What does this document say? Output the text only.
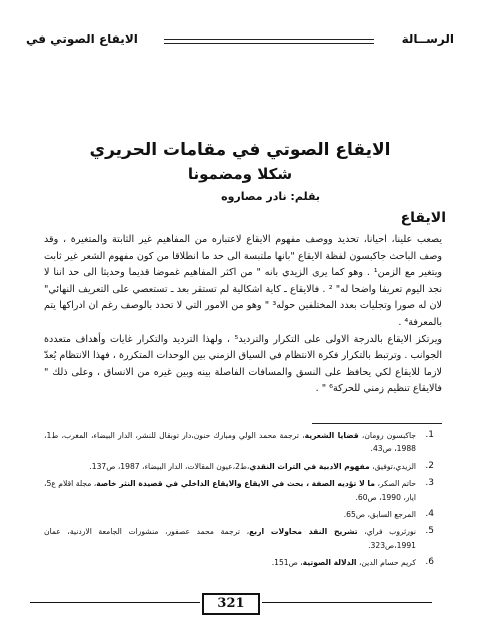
الرســالة
الايقاع الصوتي في
الايقاع الصوتي في مقامات الحريري
شكلا ومضمونا
بقلم: نادر مصاروه
الايقاع

يصعب علينا، احيانا، تحديد ووصف مفهوم الايقاع لاعتباره من المفاهيم غير الثابتة والمتغيرة ، وقد وصف الباحث جاكبسون لفظة الايقاع "بانها ملتبسة الى حد ما انطلاقا من كون مفهوم الشعر غير ثابت ويتغير مع الزمن¹ . وهو كما يرى الزيدي بانه " من اكثر المفاهيم غموضا قديما وحديثا الى حد اننا لا نجد اليوم تعريفا واضحا له" ² . فالايقاع ـ كاية اشكالية لم تستقر بعد ـ تستعصي على التعريف النهائي" لان له صورا وتجليات بعدد المختلفين حوله³ " وهو من الامور التي لا تحدد بالوصف رغم ان ادراكها يتم بالمعرفة⁴ .

ويرتكز الايقاع بالدرجة الاولى على التكرار والترديد⁵ ، ولهذا الترديد والتكرار غايات وأهداف متعددة الجوانب . وترتبط بالتكرار فكرة الانتظام في السياق الزمني بين الوحدات المتكررة ، فهذا الانتظام يُعدّ لازما للايقاع لكي يحافظ على النسق والمسافات الفاصلة بينه وبين غيره من الانساق ، وعلى ذلك " فالايقاع تنظيم زمني للحركة⁶ " .

1.
جاكبسون رومان، قضايا الشعرية، ترجمة محمد الولي ومبارك حنون،دار توبقال للنشر، الدار البيضاء، المغرب، ط1، 1988، ص43.
2.
الزيدي،توفيق، مفهوم الادبية في التراث النقدي،ط2،عيون المقالات، الدار البيضاء، 1987، ص137.
3.
حاتم الصكر، ما لا تؤديه الصفة ، بحث في الايقاع والايقاع الداخلي في قصيدة النثر خاصة، مجلة اقلام ع5، ايار، 1990، ص60.
4.
المرجع السابق، ص65.
5.
نورثروب فراي، تشريح النقد محاولات اربع، ترجمة محمد عصفور، منشورات الجامعة الاردنية، عمان 1991،ص323.
6.
كريم حسام الدين، الدلالة الصوتية، ص151.
321
